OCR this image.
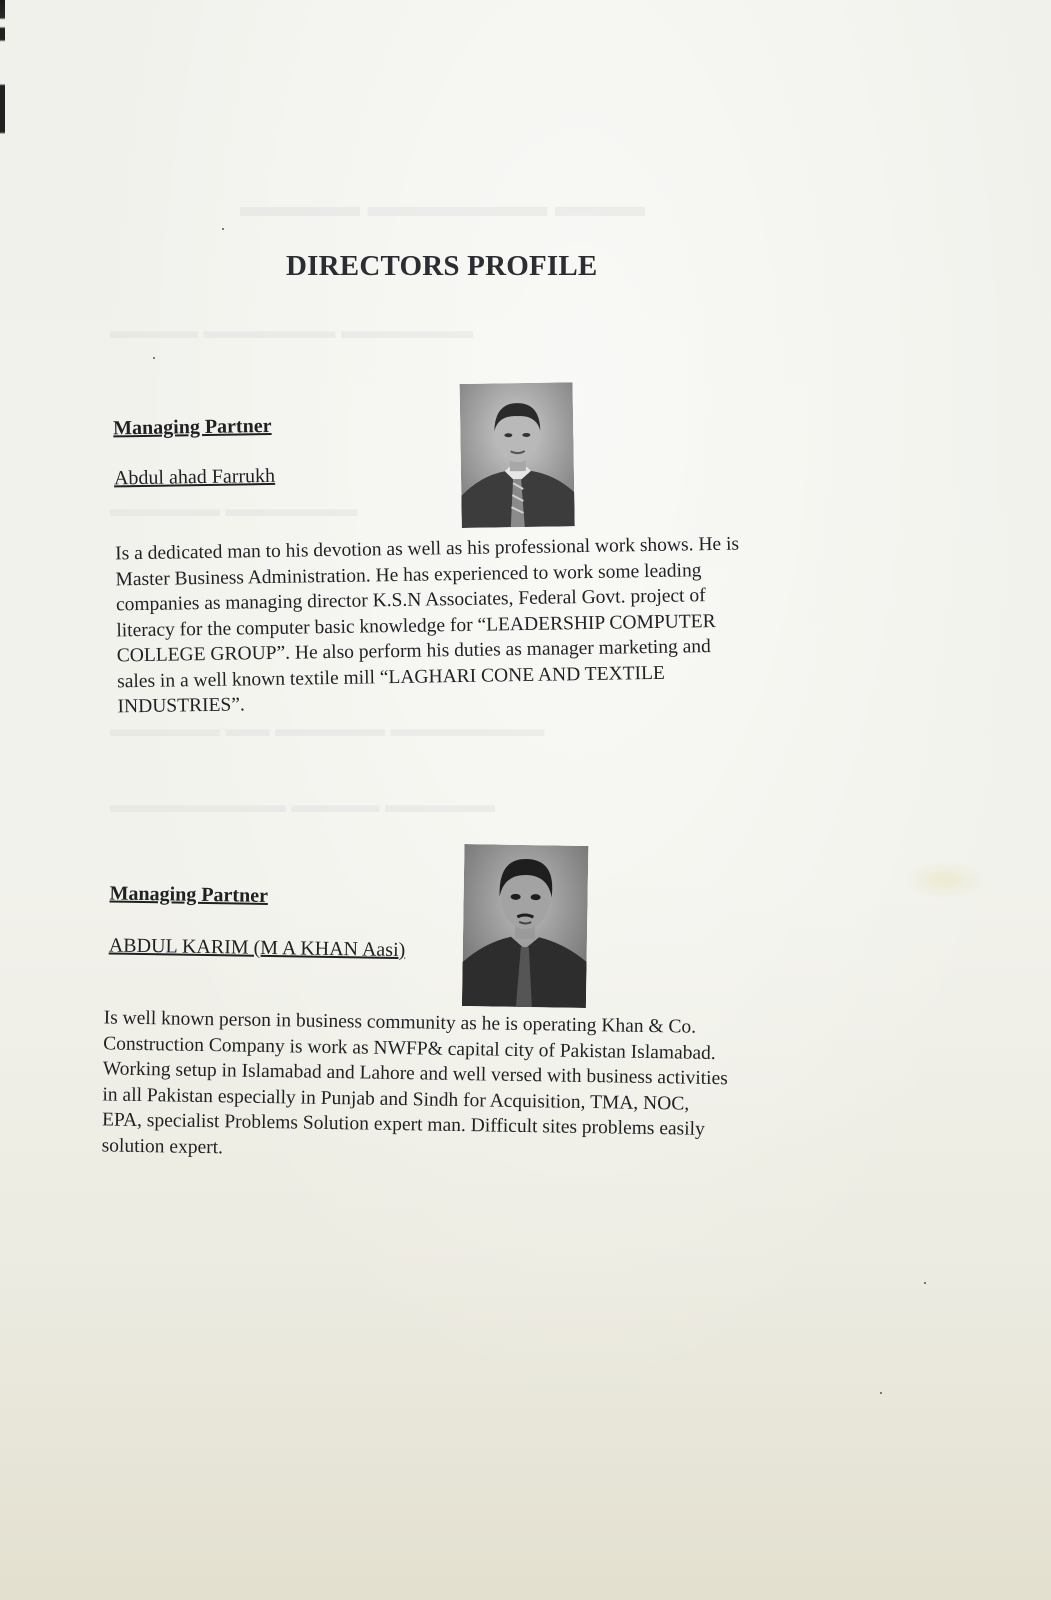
▬▬▬▬ ▬▬▬▬▬▬ ▬▬▬
▬▬▬▬ ▬▬▬▬▬▬ ▬▬▬▬▬▬
▬▬▬▬▬ ▬▬▬▬▬▬
▬▬▬▬▬ ▬▬ ▬▬▬▬▬ ▬▬▬▬▬▬▬
▬▬▬▬▬▬▬▬ ▬▬▬▬ ▬▬▬▬▬
DIRECTORS PROFILE
Managing Partner
Abdul ahad Farrukh
Is a dedicated man to his devotion as well as his professional work shows. He is
Master Business Administration. He has experienced to work some leading
companies as managing director K.S.N Associates, Federal Govt. project of
literacy for the computer basic knowledge for “LEADERSHIP COMPUTER
COLLEGE GROUP”. He also perform his duties as manager marketing and
sales in a well known textile mill “LAGHARI CONE AND TEXTILE
INDUSTRIES”.
Managing Partner
ABDUL KARIM (M A KHAN Aasi)
Is well known person in business community as he is operating Khan & Co.
Construction Company is work as NWFP& capital city of Pakistan Islamabad.
Working setup in Islamabad and Lahore and well versed with business activities
in all Pakistan especially in Punjab and Sindh for Acquisition, TMA, NOC,
EPA, specialist Problems Solution expert man. Difficult sites problems easily
solution expert.
